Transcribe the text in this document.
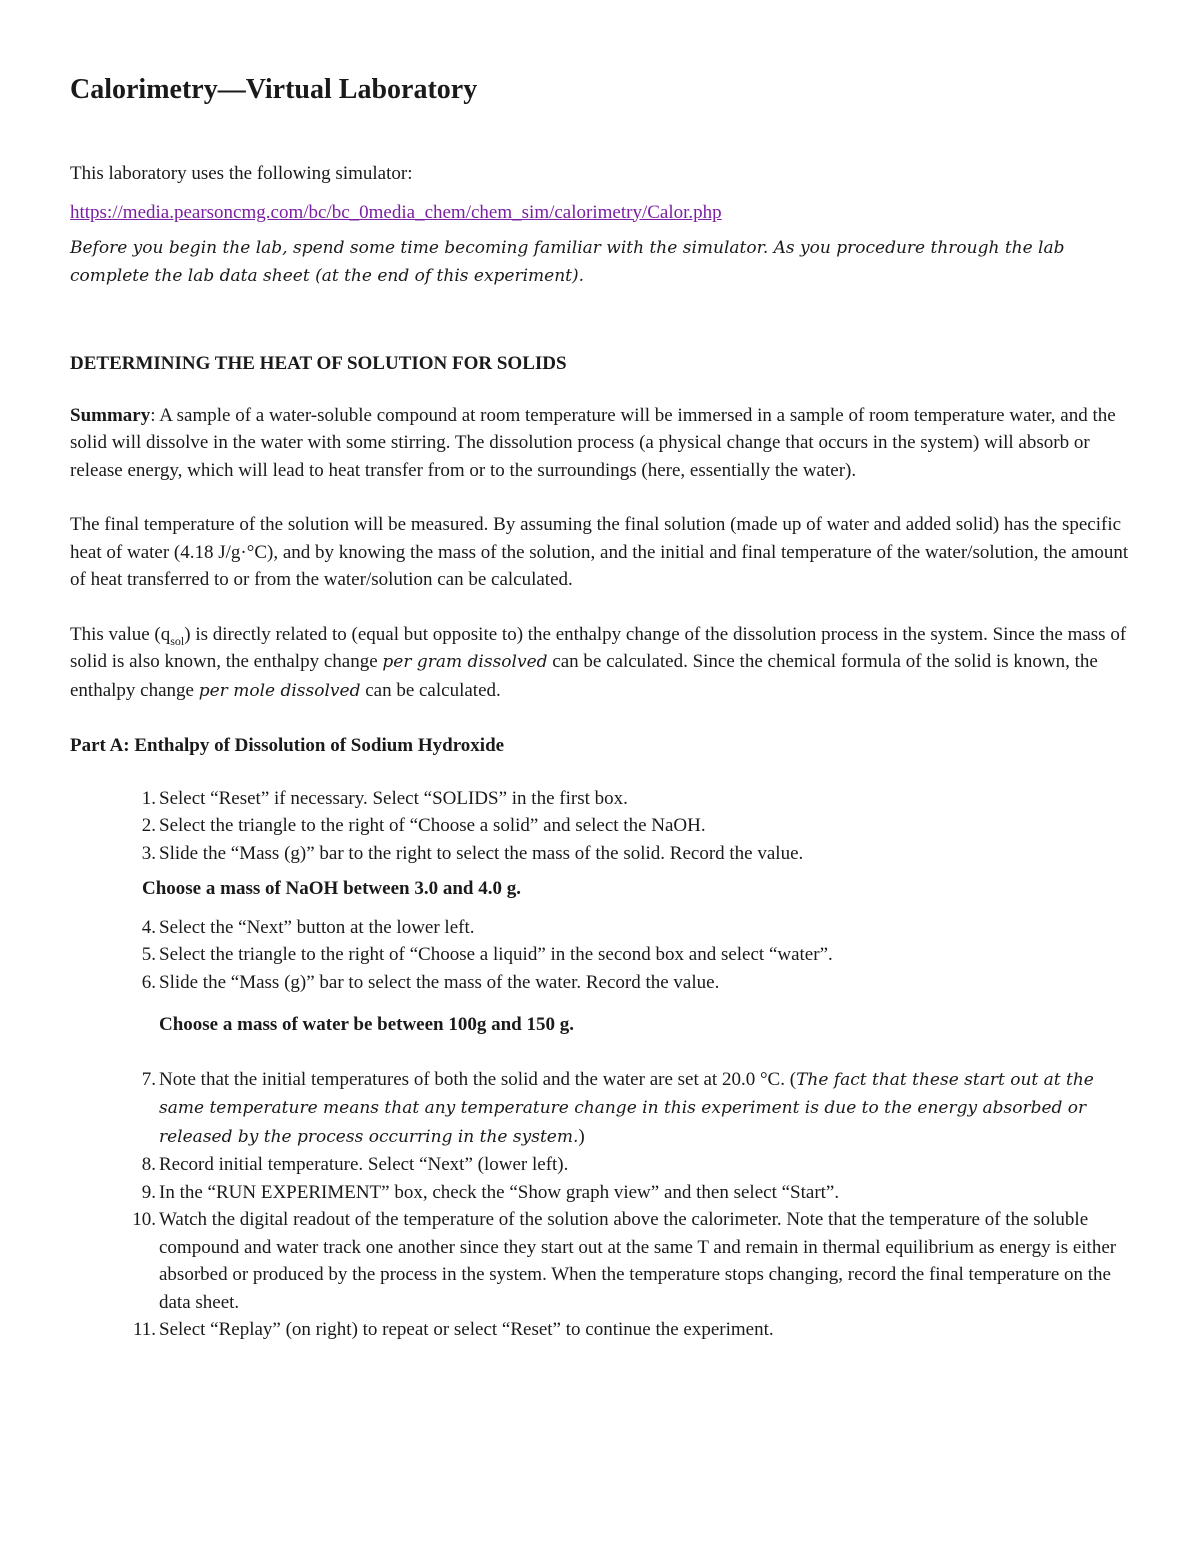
Calorimetry—Virtual Laboratory

This laboratory uses the following simulator:

https://media.pearsoncmg.com/bc/bc_0media_chem/chem_sim/calorimetry/Calor.php

Before you begin the lab, spend some time becoming familiar with the simulator. As you procedure through the lab complete the lab data sheet (at the end of this experiment).

DETERMINING THE HEAT OF SOLUTION FOR SOLIDS

Summary: A sample of a water-soluble compound at room temperature will be immersed in a sample of room temperature water, and the solid will dissolve in the water with some stirring. The dissolution process (a physical change that occurs in the system) will absorb or release energy, which will lead to heat transfer from or to the surroundings (here, essentially the water).

The final temperature of the solution will be measured. By assuming the final solution (made up of water and added solid) has the specific heat of water (4.18 J/g·°C), and by knowing the mass of the solution, and the initial and final temperature of the water/solution, the amount of heat transferred to or from the water/solution can be calculated.

This value $(q_{sol})$ is directly related to (equal but opposite to) the enthalpy change of the dissolution process in the system. Since the mass of solid is also known, the enthalpy change per gram dissolved can be calculated. Since the chemical formula of the solid is known, the enthalpy change per mole dissolved can be calculated.

Part A: Enthalpy of Dissolution of Sodium Hydroxide

1. Select “Reset” if necessary. Select “SOLIDS” in the first box.
2. Select the triangle to the right of “Choose a solid” and select the NaOH.
3. Slide the “Mass (g)” bar to the right to select the mass of the solid. Record the value.

Choose a mass of NaOH between 3.0 and 4.0 g.

4. Select the “Next” button at the lower left.
5. Select the triangle to the right of “Choose a liquid” in the second box and select “water”.
6. Slide the “Mass (g)” bar to select the mass of the water. Record the value.

Choose a mass of water be between 100g and 150 g.

7. Note that the initial temperatures of both the solid and the water are set at 20.0 °C. (The fact that these start out at the same temperature means that any temperature change in this experiment is due to the energy absorbed or released by the process occurring in the system.)
8. Record initial temperature. Select “Next” (lower left).
9. In the “RUN EXPERIMENT” box, check the “Show graph view” and then select “Start”.
10. Watch the digital readout of the temperature of the solution above the calorimeter. Note that the temperature of the soluble compound and water track one another since they start out at the same T and remain in thermal equilibrium as energy is either absorbed or produced by the process in the system. When the temperature stops changing, record the final temperature on the data sheet.
11. Select “Replay” (on right) to repeat or select “Reset” to continue the experiment.
